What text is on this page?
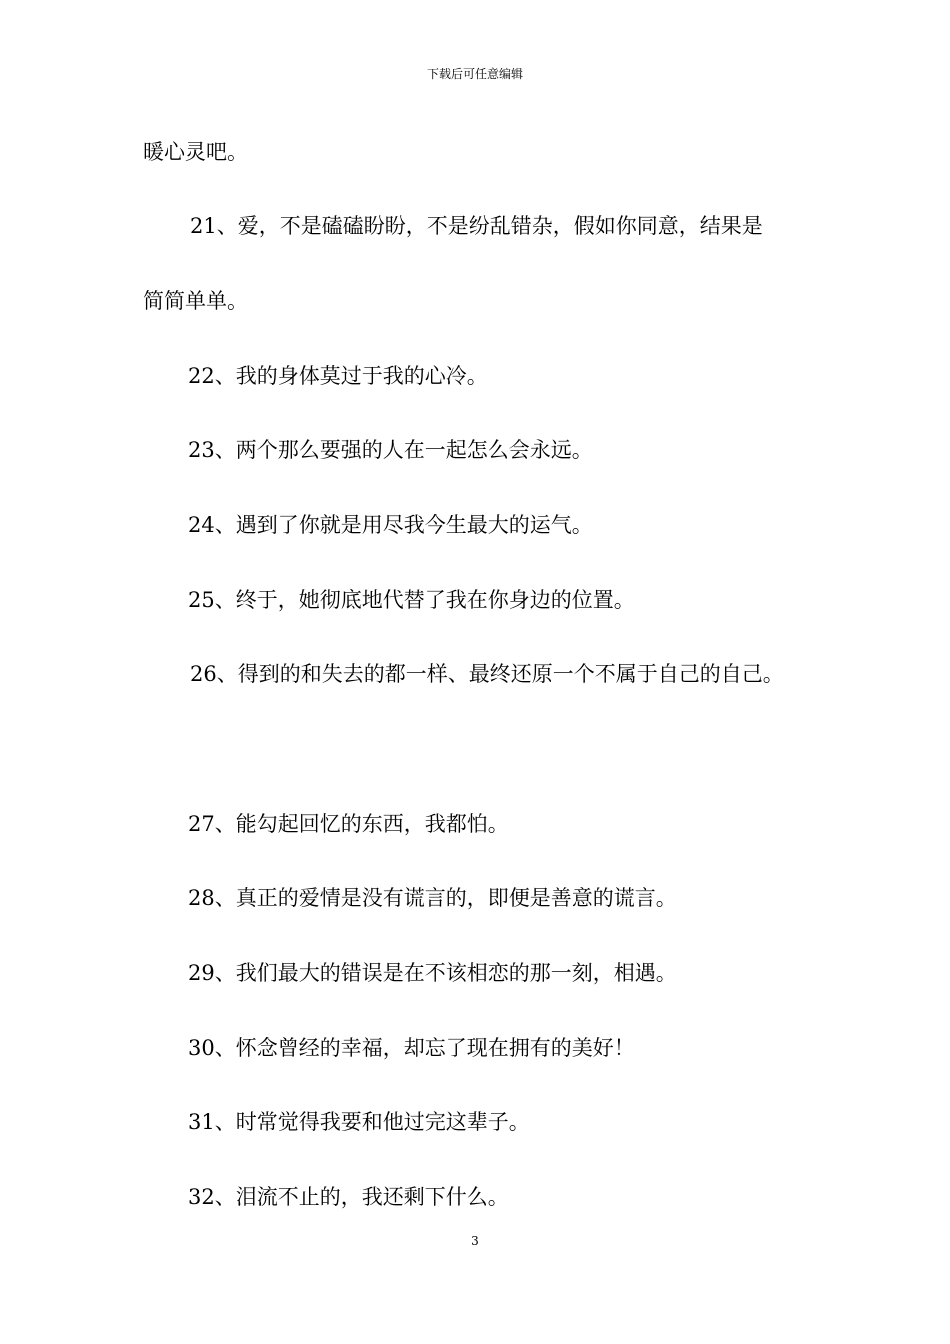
下载后可任意编辑
暖心灵吧。
21、爱，不是磕磕盼盼，不是纷乱错杂，假如你同意，结果是
简简单单。
22、我的身体莫过于我的心冷。
23、两个那么要强的人在一起怎么会永远。
24、遇到了你就是用尽我今生最大的运气。
25、终于，她彻底地代替了我在你身边的位置。
26、得到的和失去的都一样、最终还原一个不属于自己的自己。
27、能勾起回忆的东西，我都怕。
28、真正的爱情是没有谎言的，即便是善意的谎言。
29、我们最大的错误是在不该相恋的那一刻，相遇。
30、怀念曾经的幸福，却忘了现在拥有的美好！
31、时常觉得我要和他过完这辈子。
32、泪流不止的，我还剩下什么。
3
